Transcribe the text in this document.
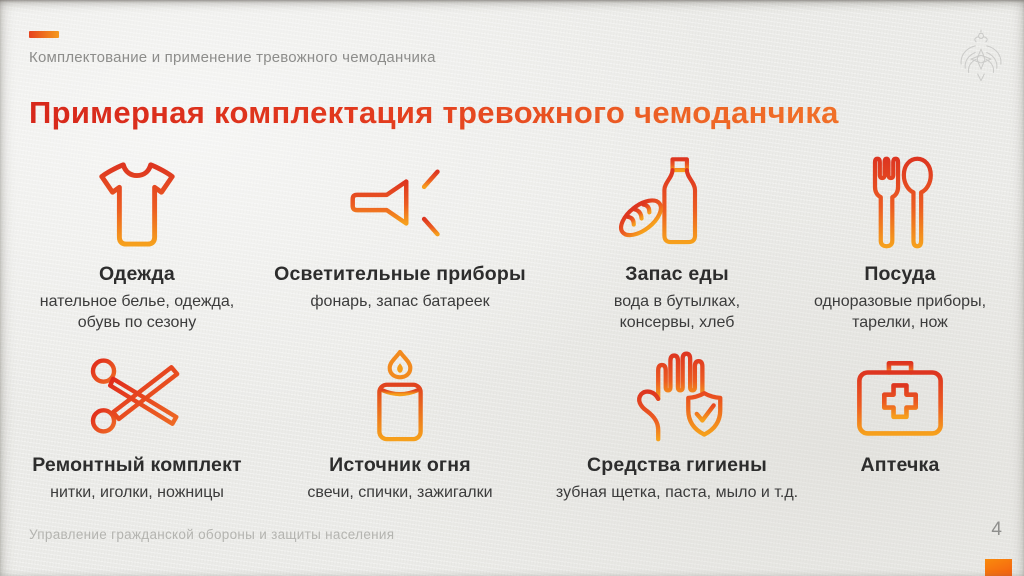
Комплектование и применение тревожного чемоданчика
Примерная комплектация тревожного чемоданчика
Одежда
нательное белье, одежда, обувь по сезону
Осветительные приборы
фонарь, запас батареек
Запас еды
вода в бутылках, консервы, хлеб
Посуда
одноразовые приборы, тарелки, нож
Ремонтный комплект
нитки, иголки, ножницы
Источник огня
свечи, спички, зажигалки
Средства гигиены
зубная щетка, паста, мыло и т.д.
Аптечка
Управление гражданской обороны и защиты населения	4
